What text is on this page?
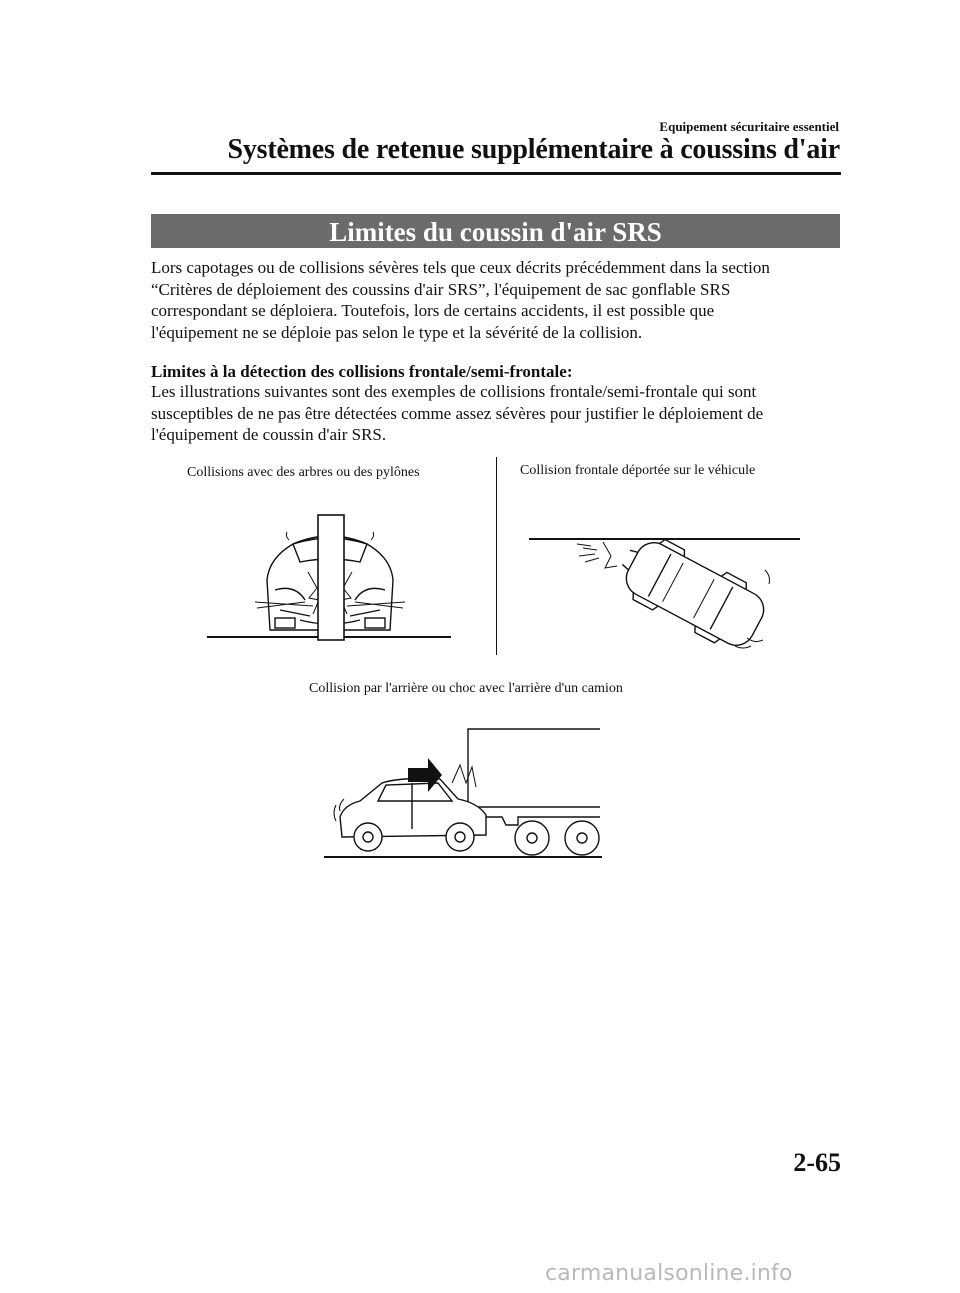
Equipement sécuritaire essentiel
Systèmes de retenue supplémentaire à coussins d'air
Limites du coussin d'air SRS
Lors capotages ou de collisions sévères tels que ceux décrits précédemment dans la section
“Critères de déploiement des coussins d'air SRS”, l'équipement de sac gonflable SRS
correspondant se déploiera. Toutefois, lors de certains accidents, il est possible que
l'équipement ne se déploie pas selon le type et la sévérité de la collision.
Limites à la détection des collisions frontale/semi-frontale:
Les illustrations suivantes sont des exemples de collisions frontale/semi-frontale qui sont
susceptibles de ne pas être détectées comme assez sévères pour justifier le déploiement de
l'équipement de coussin d'air SRS.
Collisions avec des arbres ou des pylônes	Collision frontale déportée sur le véhicule
Collision par l'arrière ou choc avec l'arrière d'un camion
2-65
carmanualsonline.info
